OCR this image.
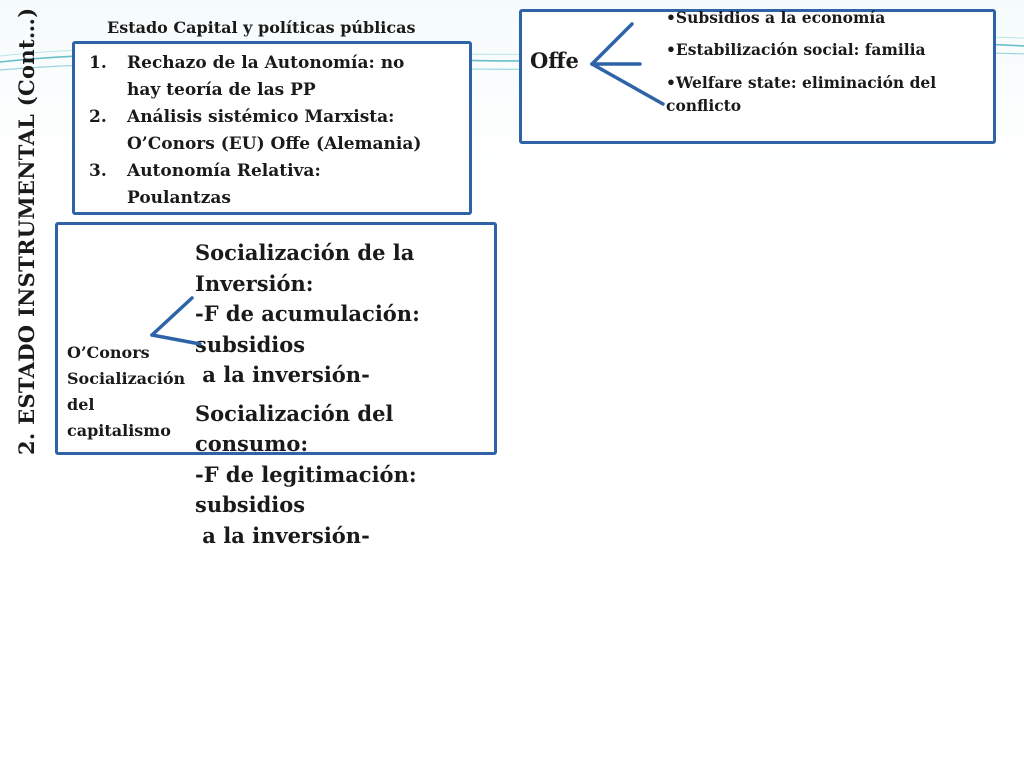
2. ESTADO INSTRUMENTAL (Cont…)	Estado Capital y políticas públicas
1.	Rechazo de la Autonomía: no
hay teoría de las PP
2.	Análisis sistémico Marxista:
O’Conors (EU) Offe (Alemania)
3.	Autonomía Relativa:
Poulantzas
Offe
•Subsidios a la economía
•Estabilización social: familia
•Welfare state: eliminación del conflicto
O’Conors
Socialización
del
capitalismo
Socialización de la
Inversión:
-F de acumulación:
subsidios
a la inversión-
Socialización del
consumo:
-F de legitimación:
subsidios
a la inversión-
